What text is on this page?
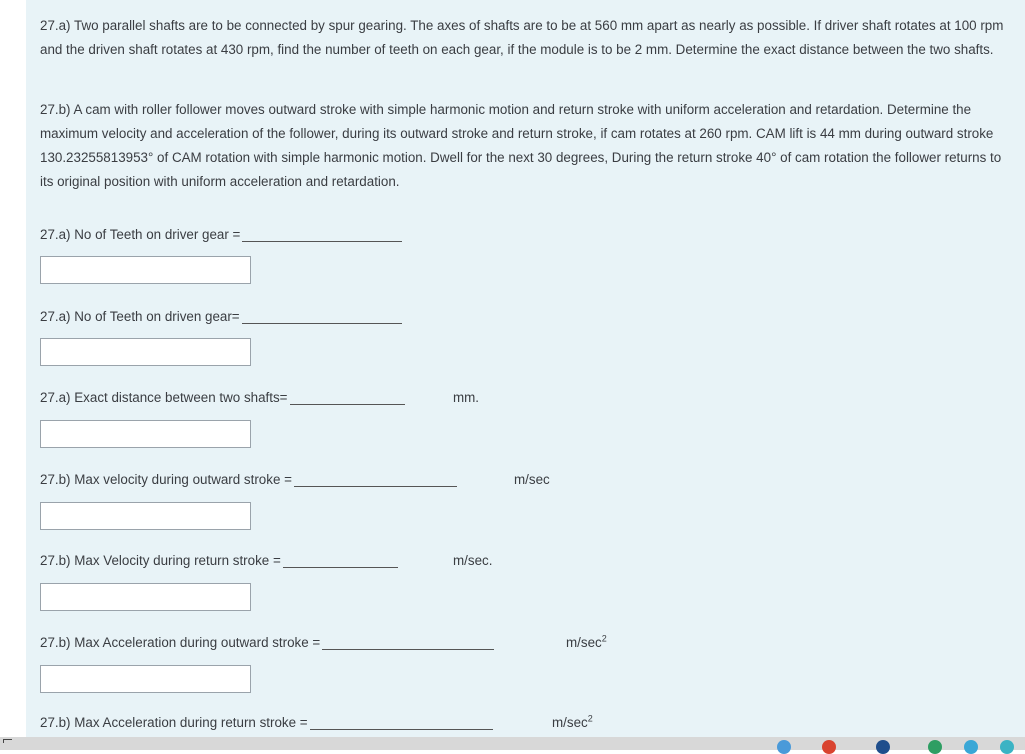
27.a) Two parallel shafts are to be connected by spur gearing. The axes of shafts are to be at 560 mm apart as nearly as possible. If driver shaft rotates at 100 rpm and the driven shaft rotates at 430 rpm, find the number of teeth on each gear, if the module is to be 2 mm. Determine the exact distance between the two shafts.
27.b) A cam with roller follower moves outward stroke with simple harmonic motion and return stroke with uniform acceleration and retardation. Determine the maximum velocity and acceleration of the follower, during its outward stroke and return stroke, if cam rotates at 260 rpm. CAM lift is 44 mm during outward stroke 130.23255813953° of CAM rotation with simple harmonic motion. Dwell for the next 30 degrees, During the return stroke 40° of cam rotation the follower returns to its original position with uniform acceleration and retardation.
27.a) No of Teeth on driver gear =
27.a) No of Teeth on driven gear=
27.a) Exact distance between two shafts=	mm.
27.b) Max velocity during outward stroke =	m/sec
27.b) Max Velocity during return stroke =	m/sec.
27.b) Max Acceleration during outward stroke =	$m/\sec^2$
27.b) Max Acceleration during return stroke =	$m/\sec^2$
